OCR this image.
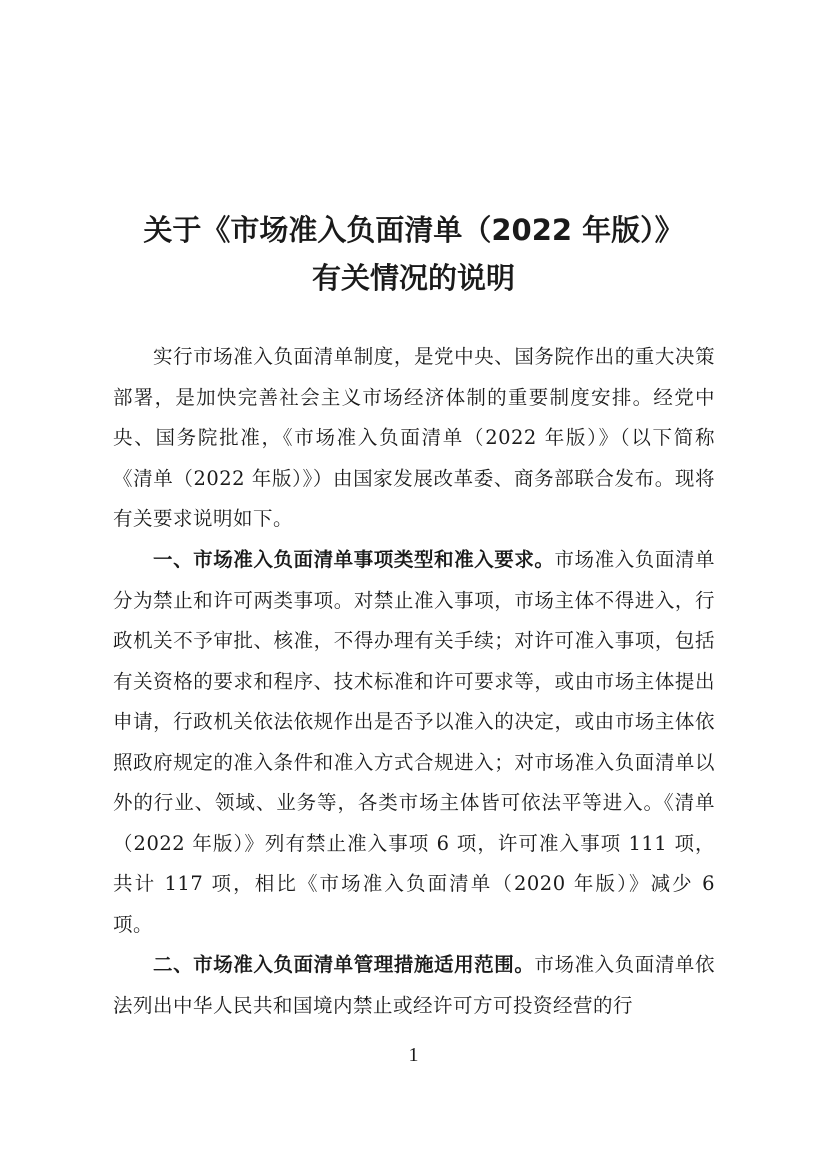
关于《市场准入负面清单（2022 年版）》
有关情况的说明
实行市场准入负面清单制度，是党中央、国务院作出的重大决策部署，是加快完善社会主义市场经济体制的重要制度安排。经党中央、国务院批准，《市场准入负面清单（2022 年版）》（以下简称《清单（2022 年版）》）由国家发展改革委、商务部联合发布。现将有关要求说明如下。
一、市场准入负面清单事项类型和准入要求。市场准入负面清单分为禁止和许可两类事项。对禁止准入事项，市场主体不得进入，行政机关不予审批、核准，不得办理有关手续；对许可准入事项，包括有关资格的要求和程序、技术标准和许可要求等，或由市场主体提出申请，行政机关依法依规作出是否予以准入的决定，或由市场主体依照政府规定的准入条件和准入方式合规进入；对市场准入负面清单以外的行业、领域、业务等，各类市场主体皆可依法平等进入。《清单（2022 年版）》列有禁止准入事项 6 项，许可准入事项 111 项，共计 117 项，相比《市场准入负面清单（2020 年版）》减少 6 项。
二、市场准入负面清单管理措施适用范围。市场准入负面清单依法列出中华人民共和国境内禁止或经许可方可投资经营的行
1
